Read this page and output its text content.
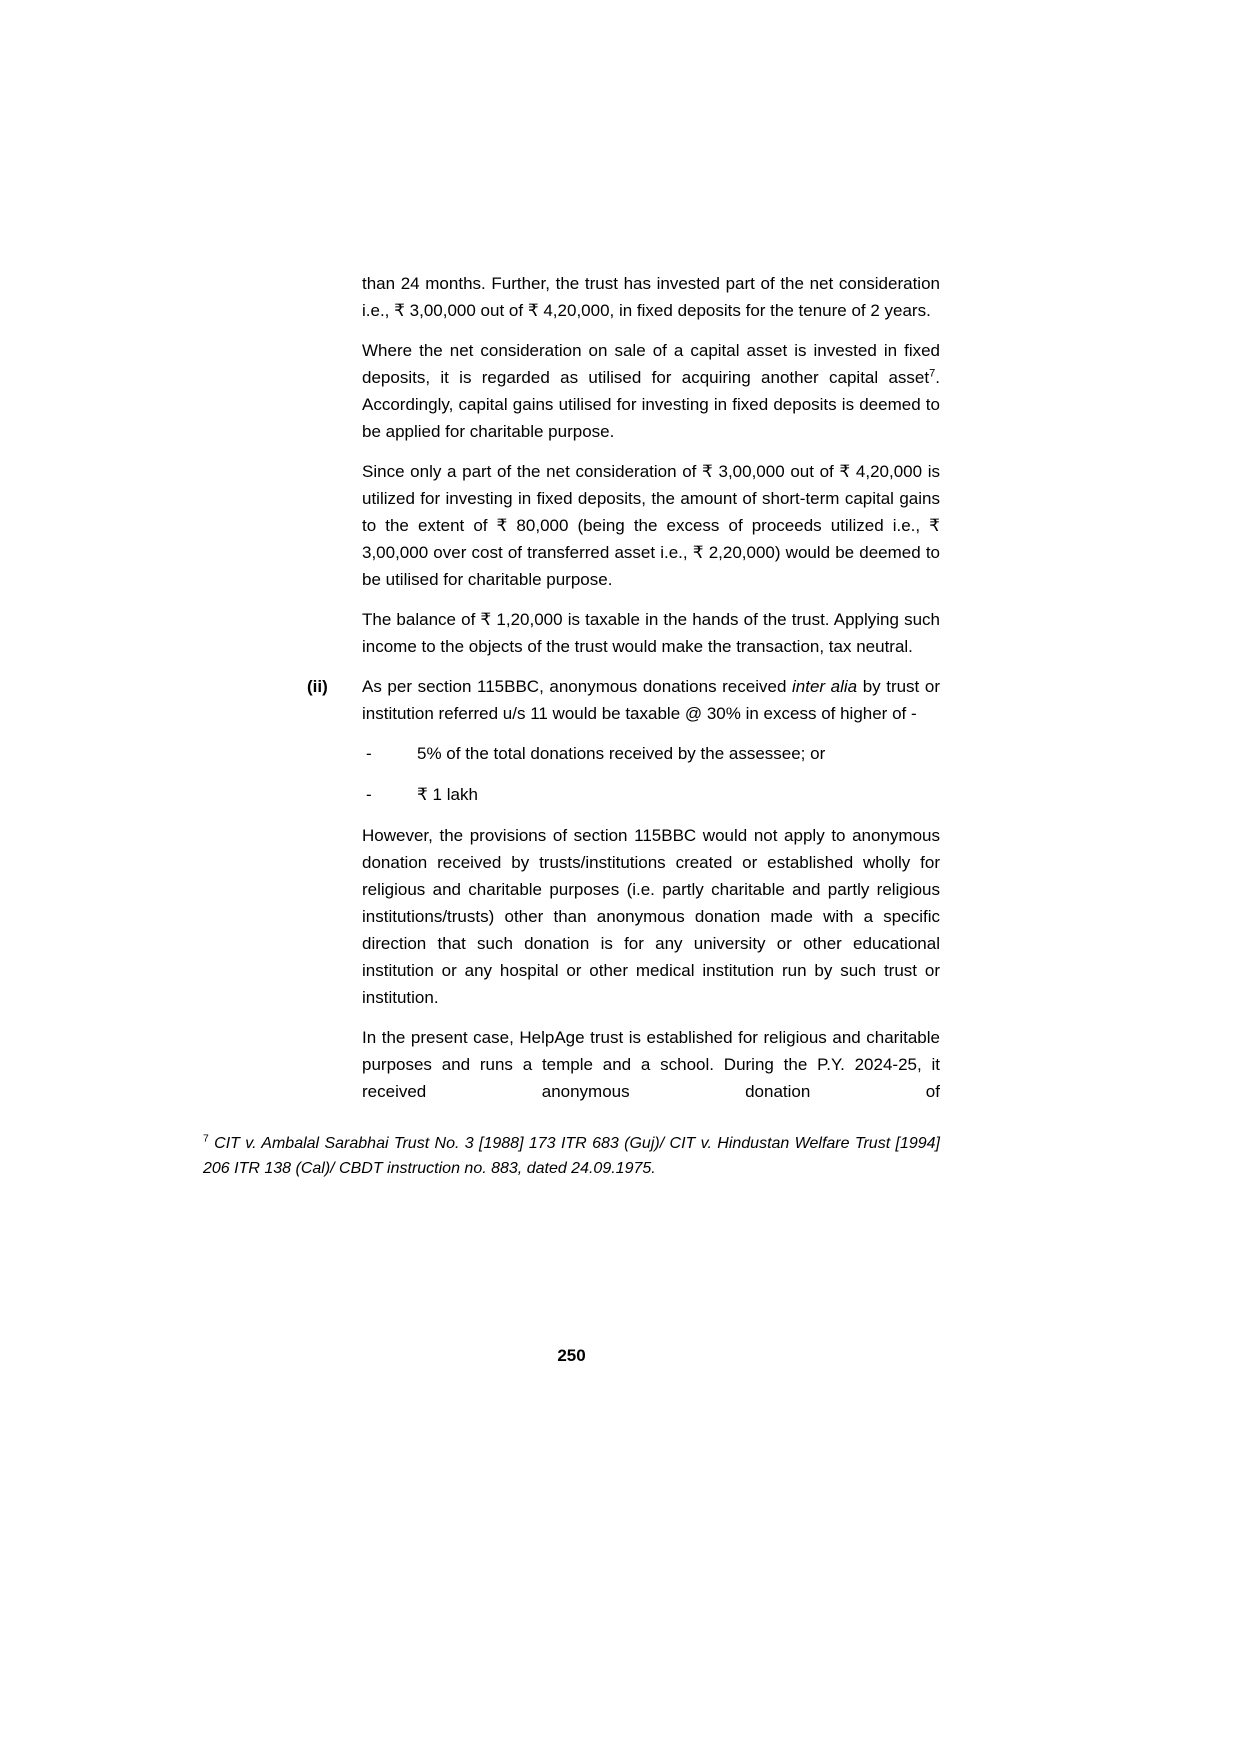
than 24 months. Further, the trust has invested part of the net consideration i.e., ₹ 3,00,000 out of ₹ 4,20,000, in fixed deposits for the tenure of 2 years.

Where the net consideration on sale of a capital asset is invested in fixed deposits, it is regarded as utilised for acquiring another capital asset$^7$. Accordingly, capital gains utilised for investing in fixed deposits is deemed to be applied for charitable purpose.

Since only a part of the net consideration of ₹ 3,00,000 out of ₹ 4,20,000 is utilized for investing in fixed deposits, the amount of short-term capital gains to the extent of ₹ 80,000 (being the excess of proceeds utilized i.e., ₹ 3,00,000 over cost of transferred asset i.e., ₹ 2,20,000) would be deemed to be utilised for charitable purpose.

The balance of ₹ 1,20,000 is taxable in the hands of the trust. Applying such income to the objects of the trust would make the transaction, tax neutral.

(ii)	As per section 115BBC, anonymous donations received inter alia by trust or institution referred u/s 11 would be taxable @ 30% in excess of higher of -
-	5% of the total donations received by the assessee; or
-	₹ 1 lakh

However, the provisions of section 115BBC would not apply to anonymous donation received by trusts/institutions created or established wholly for religious and charitable purposes (i.e. partly charitable and partly religious institutions/trusts) other than anonymous donation made with a specific direction that such donation is for any university or other educational institution or any hospital or other medical institution run by such trust or institution.

In the present case, HelpAge trust is established for religious and charitable purposes and runs a temple and a school. During the P.Y. 2024-25, it received anonymous donation of

$^7$ CIT v. Ambalal Sarabhai Trust No. 3 [1988] 173 ITR 683 (Guj)/ CIT v. Hindustan Welfare Trust [1994] 206 ITR 138 (Cal)/ CBDT instruction no. 883, dated 24.09.1975.
250
